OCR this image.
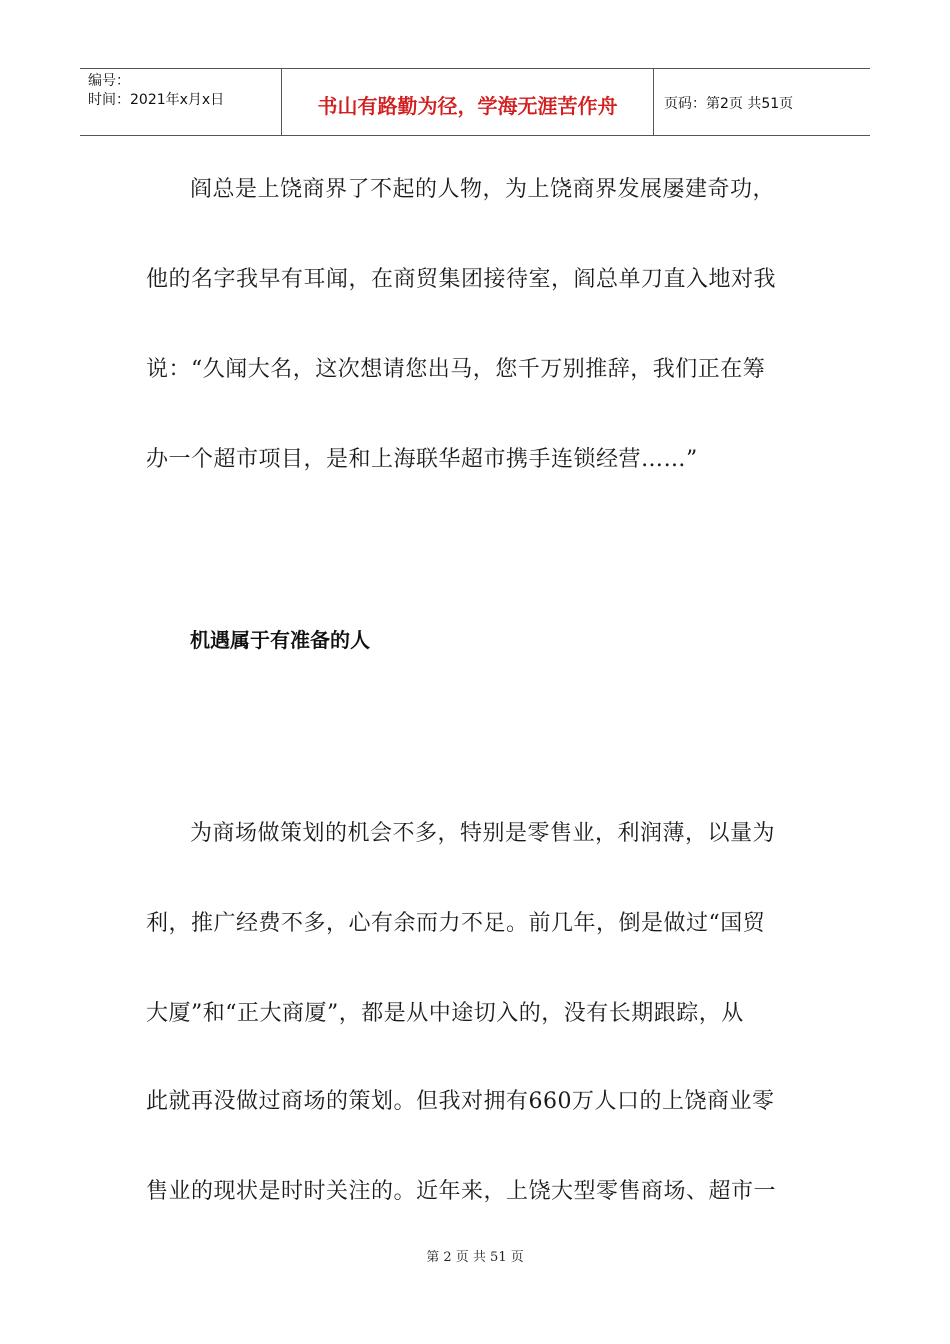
编号：
时间：2021年x月x日	书山有路勤为径，学海无涯苦作舟	页码：第2页 共51页
阎总是上饶商界了不起的人物，为上饶商界发展屡建奇功，
他的名字我早有耳闻，在商贸集团接待室，阎总单刀直入地对我
说：“久闻大名，这次想请您出马，您千万别推辞，我们正在筹
办一个超市项目，是和上海联华超市携手连锁经营……”
机遇属于有准备的人
为商场做策划的机会不多，特别是零售业，利润薄，以量为
利，推广经费不多，心有余而力不足。前几年，倒是做过“国贸
大厦”和“正大商厦”，都是从中途切入的，没有长期跟踪，从
此就再没做过商场的策划。但我对拥有660万人口的上饶商业零
售业的现状是时时关注的。近年来，上饶大型零售商场、超市一
第 2 页 共 51 页
